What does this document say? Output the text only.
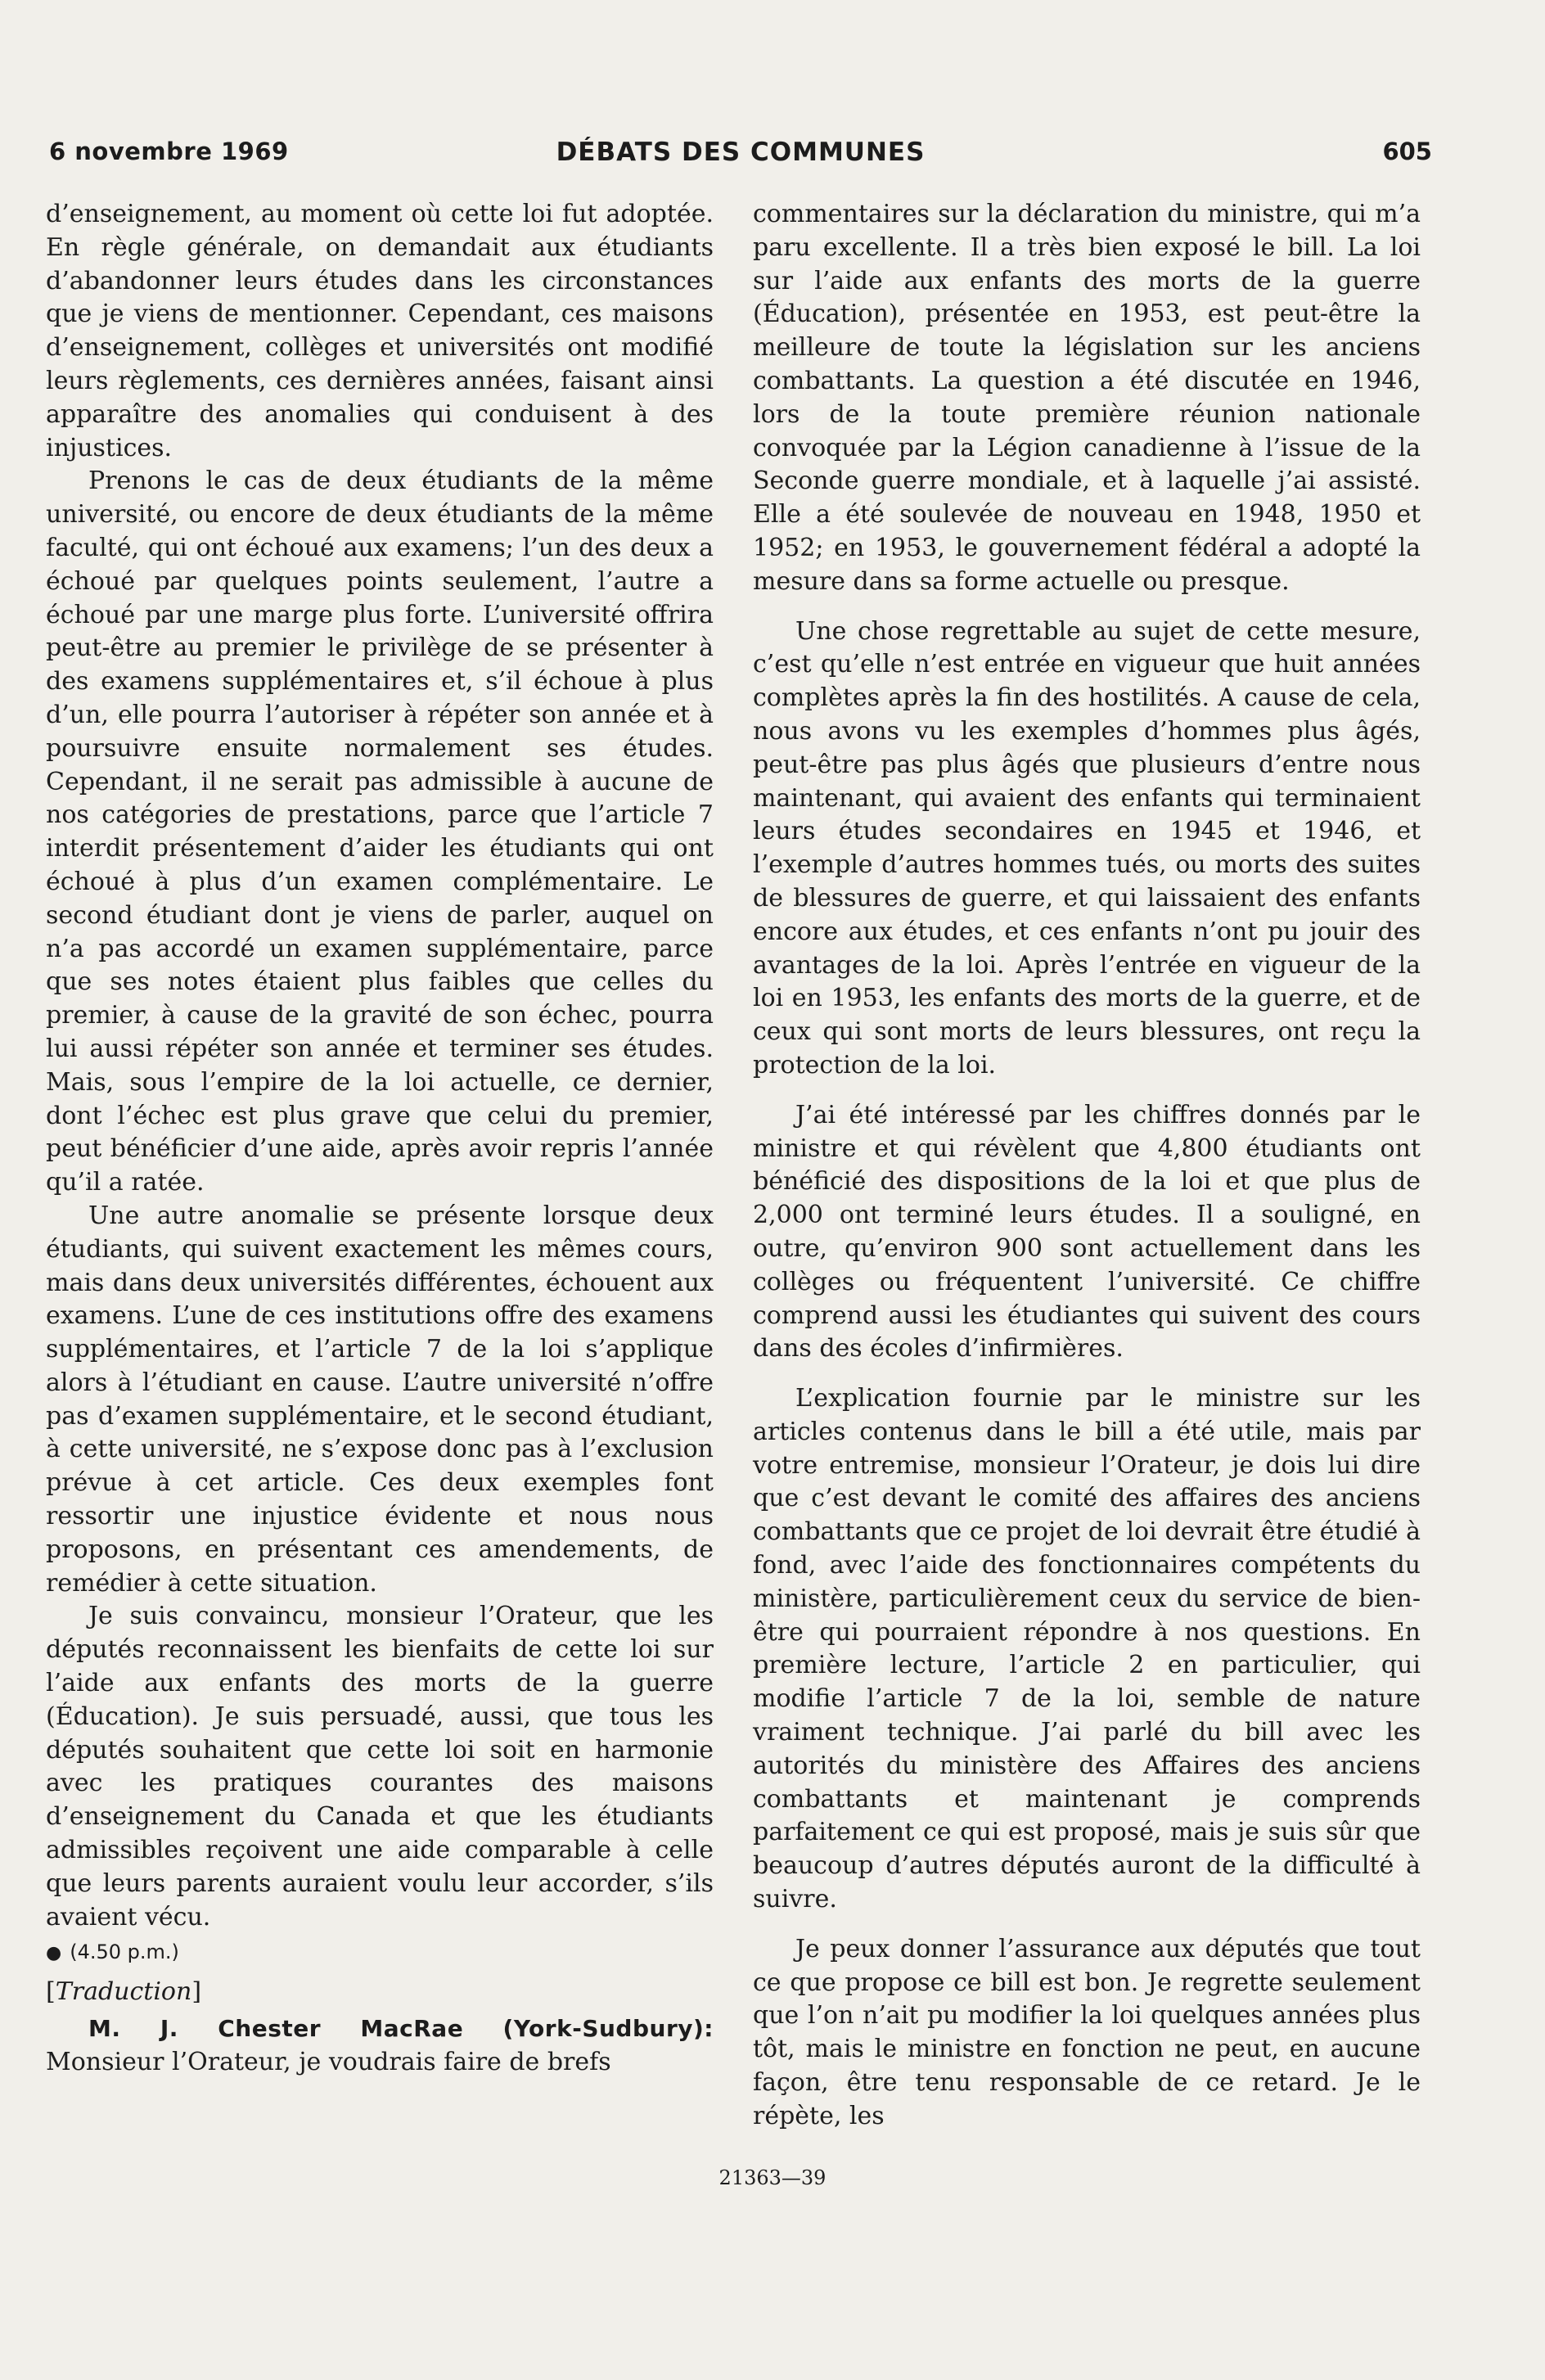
6 novembre 1969	DÉBATS DES COMMUNES	605

d’enseignement, au moment où cette loi fut adoptée. En règle générale, on demandait aux étudiants d’abandonner leurs études dans les circonstances que je viens de mentionner. Cependant, ces maisons d’enseignement, collèges et universités ont modifié leurs règlements, ces dernières années, faisant ainsi apparaître des anomalies qui conduisent à des injustices.

Prenons le cas de deux étudiants de la même université, ou encore de deux étudiants de la même faculté, qui ont échoué aux examens; l’un des deux a échoué par quelques points seulement, l’autre a échoué par une marge plus forte. L’université offrira peut-être au premier le privilège de se présenter à des examens supplémentaires et, s’il échoue à plus d’un, elle pourra l’autoriser à répéter son année et à poursuivre ensuite normalement ses études. Cependant, il ne serait pas admissible à aucune de nos catégories de prestations, parce que l’article 7 interdit présentement d’aider les étudiants qui ont échoué à plus d’un examen complémentaire. Le second étudiant dont je viens de parler, auquel on n’a pas accordé un examen supplémentaire, parce que ses notes étaient plus faibles que celles du premier, à cause de la gravité de son échec, pourra lui aussi répéter son année et terminer ses études. Mais, sous l’empire de la loi actuelle, ce dernier, dont l’échec est plus grave que celui du premier, peut bénéficier d’une aide, après avoir repris l’année qu’il a ratée.

Une autre anomalie se présente lorsque deux étudiants, qui suivent exactement les mêmes cours, mais dans deux universités différentes, échouent aux examens. L’une de ces institutions offre des examens supplémentaires, et l’article 7 de la loi s’applique alors à l’étudiant en cause. L’autre université n’offre pas d’examen supplémentaire, et le second étudiant, à cette université, ne s’expose donc pas à l’exclusion prévue à cet article. Ces deux exemples font ressortir une injustice évidente et nous nous proposons, en présentant ces amendements, de remédier à cette situation.

Je suis convaincu, monsieur l’Orateur, que les députés reconnaissent les bienfaits de cette loi sur l’aide aux enfants des morts de la guerre (Éducation). Je suis persuadé, aussi, que tous les députés souhaitent que cette loi soit en harmonie avec les pratiques courantes des maisons d’enseignement du Canada et que les étudiants admissibles reçoivent une aide comparable à celle que leurs parents auraient voulu leur accorder, s’ils avaient vécu.

● (4.50 p.m.)
[Traduction]

M. J. Chester MacRae (York-Sudbury): Monsieur l’Orateur, je voudrais faire de brefs

commentaires sur la déclaration du ministre, qui m’a paru excellente. Il a très bien exposé le bill. La loi sur l’aide aux enfants des morts de la guerre (Éducation), présentée en 1953, est peut-être la meilleure de toute la législation sur les anciens combattants. La question a été discutée en 1946, lors de la toute première réunion nationale convoquée par la Légion canadienne à l’issue de la Seconde guerre mondiale, et à laquelle j’ai assisté. Elle a été soulevée de nouveau en 1948, 1950 et 1952; en 1953, le gouvernement fédéral a adopté la mesure dans sa forme actuelle ou presque.

Une chose regrettable au sujet de cette mesure, c’est qu’elle n’est entrée en vigueur que huit années complètes après la fin des hostilités. A cause de cela, nous avons vu les exemples d’hommes plus âgés, peut-être pas plus âgés que plusieurs d’entre nous maintenant, qui avaient des enfants qui terminaient leurs études secondaires en 1945 et 1946, et l’exemple d’autres hommes tués, ou morts des suites de blessures de guerre, et qui laissaient des enfants encore aux études, et ces enfants n’ont pu jouir des avantages de la loi. Après l’entrée en vigueur de la loi en 1953, les enfants des morts de la guerre, et de ceux qui sont morts de leurs blessures, ont reçu la protection de la loi.

J’ai été intéressé par les chiffres donnés par le ministre et qui révèlent que 4,800 étudiants ont bénéficié des dispositions de la loi et que plus de 2,000 ont terminé leurs études. Il a souligné, en outre, qu’environ 900 sont actuellement dans les collèges ou fréquentent l’université. Ce chiffre comprend aussi les étudiantes qui suivent des cours dans des écoles d’infirmières.

L’explication fournie par le ministre sur les articles contenus dans le bill a été utile, mais par votre entremise, monsieur l’Orateur, je dois lui dire que c’est devant le comité des affaires des anciens combattants que ce projet de loi devrait être étudié à fond, avec l’aide des fonctionnaires compétents du ministère, particulièrement ceux du service de bien-être qui pourraient répondre à nos questions. En première lecture, l’article 2 en particulier, qui modifie l’article 7 de la loi, semble de nature vraiment technique. J’ai parlé du bill avec les autorités du ministère des Affaires des anciens combattants et maintenant je comprends parfaitement ce qui est proposé, mais je suis sûr que beaucoup d’autres députés auront de la difficulté à suivre.

Je peux donner l’assurance aux députés que tout ce que propose ce bill est bon. Je regrette seulement que l’on n’ait pu modifier la loi quelques années plus tôt, mais le ministre en fonction ne peut, en aucune façon, être tenu responsable de ce retard. Je le répète, les

21363—39
